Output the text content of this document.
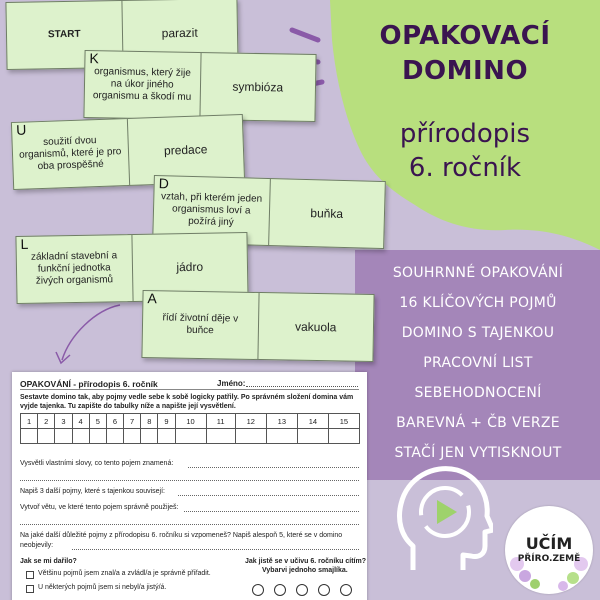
START	parazit
K
organismus, který žije na úkor jiného organismu a škodí mu
symbióza
U
soužití dvou organismů, které je pro oba prospěšné
predace
D
vztah, při kterém jeden organismus loví a požírá jiný
buňka
L
základní stavební a funkční jednotka živých organismů
jádro
A
řídí životní děje v buňce	vakuola
OPAKOVACÍ
DOMINO
přírodopis
6. ročník
SOUHRNNÉ OPAKOVÁNÍ
16 KLÍČOVÝCH POJMŮ
DOMINO S TAJENKOU
PRACOVNÍ LIST
SEBEHODNOCENÍ
BAREVNÁ + ČB VERZE
STAČÍ JEN VYTISKNOUT
OPAKOVÁNÍ - přírodopis 6. ročník	Jméno:
Sestavte domino tak, aby pojmy vedle sebe k sobě logicky patřily. Po správném složení domina vám vyjde tajenka. Tu zapište do tabulky níže a napište její vysvětlení.
1	2	3	4	5	6	7	8	9	10	11	12	13	14	15

Vysvětli vlastními slovy, co tento pojem znamená:
Napiš 3 další pojmy, které s tajenkou souvisejí:
Vytvoř větu, ve které tento pojem správně použiješ:
Na jaké další důležité pojmy z přírodopisu 6. ročníku si vzpomeneš? Napiš alespoň 5, které se v domino neobjevily:
Jak se mi dařilo?
Většinu pojmů jsem znal/a a zvládl/a je správně přiřadit.
U některých pojmů jsem si nebyl/a jistý/á.
Jak jistě se v učivu 6. ročníku cítím?
Vybarvi jednoho smajlíka.
UČÍM
PŘÍRO.ZEMĚ
